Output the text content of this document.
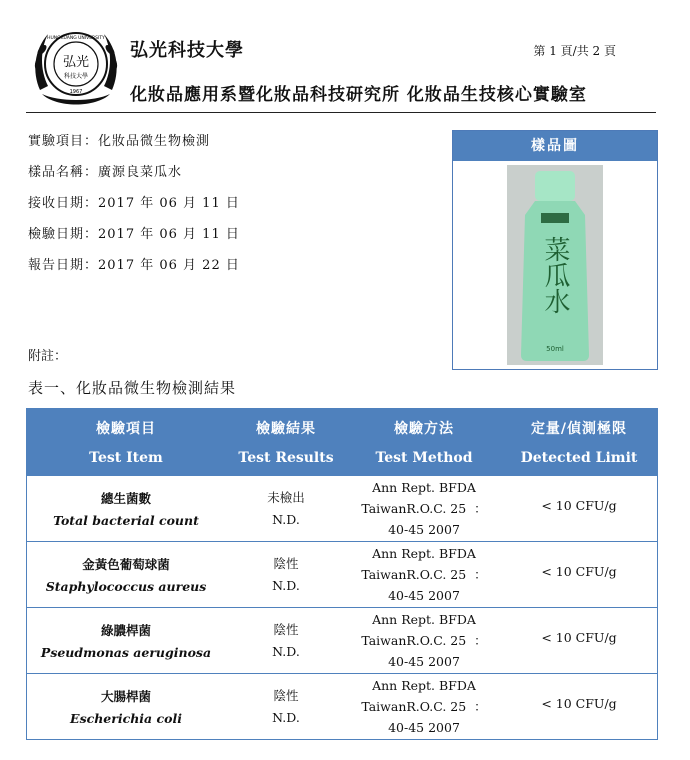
弘光
科技大學
HUNGKUANG UNIVERSITY
1967
弘光科技大學	第 1 頁/共 2 頁
化妝品應用系暨化妝品科技研究所 化妝品生技核心實驗室
實驗項目：化妝品微生物檢測
樣品名稱：廣源良菜瓜水
接收日期：2017 年 06 月 11 日
檢驗日期：2017 年 06 月 11 日
報告日期：2017 年 06 月 22 日
樣品圖
菜瓜水
50ml
附註：
表一、化妝品微生物檢測結果
檢驗項目
Test Item
檢驗結果
Test Results
檢驗方法
Test Method
定量/偵測極限
Detected Limit
總生菌數
Total bacterial count
未檢出
N.D.
Ann Rept. BFDA
TaiwanR.O.C. 25  ：
40-45 2007
< 10 CFU/g
金黃色葡萄球菌
Staphylococcus aureus
陰性
N.D.
Ann Rept. BFDA
TaiwanR.O.C. 25  ：
40-45 2007
< 10 CFU/g
綠膿桿菌
Pseudmonas aeruginosa
陰性
N.D.
Ann Rept. BFDA
TaiwanR.O.C. 25  ：
40-45 2007
< 10 CFU/g
大腸桿菌
Escherichia coli
陰性
N.D.
Ann Rept. BFDA
TaiwanR.O.C. 25  ：
40-45 2007
< 10 CFU/g
